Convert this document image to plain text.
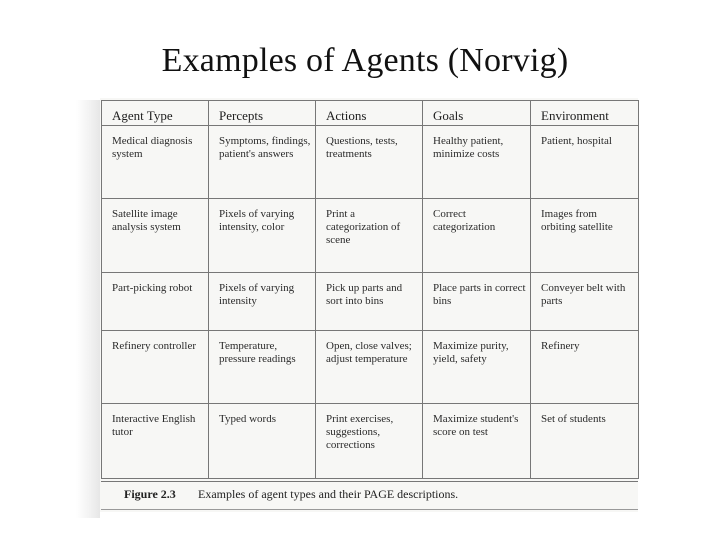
Examples of Agents (Norvig)
Agent Type	Percepts	Actions	Goals	Environment
Medical diagnosis system	Symptoms, findings, patient's answers	Questions, tests, treatments	Healthy patient, minimize costs	Patient, hospital
Satellite image analysis system	Pixels of varying intensity, color	Print a categorization of scene	Correct categorization	Images from orbiting satellite
Part-picking robot	Pixels of varying intensity	Pick up parts and sort into bins	Place parts in correct bins	Conveyer belt with parts
Refinery controller	Temperature, pressure readings	Open, close valves; adjust temperature	Maximize purity, yield, safety	Refinery
Interactive English tutor	Typed words	Print exercises, suggestions, corrections	Maximize student's score on test	Set of students
Figure 2.3 Examples of agent types and their PAGE descriptions.
